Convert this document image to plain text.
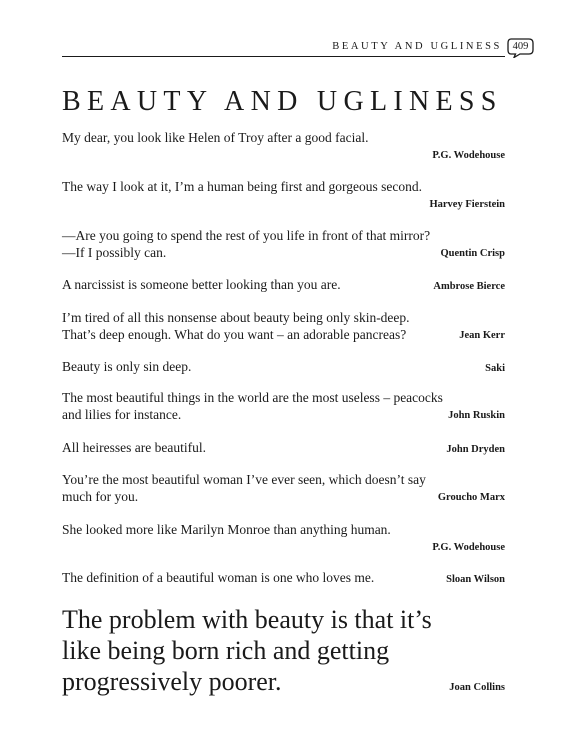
BEAUTY AND UGLINESS	409
BEAUTY AND UGLINESS
My dear, you look like Helen of Troy after a good facial.
P.G. Wodehouse
The way I look at it, I’m a human being first and gorgeous second.
Harvey Fierstein
—Are you going to spend the rest of you life in front of that mirror?
—If I possibly can.	Quentin Crisp
A narcissist is someone better looking than you are.	Ambrose Bierce
I’m tired of all this nonsense about beauty being only skin-deep.
That’s deep enough. What do you want – an adorable pancreas?	Jean Kerr
Beauty is only sin deep.	Saki
The most beautiful things in the world are the most useless – peacocks
and lilies for instance.	John Ruskin
All heiresses are beautiful.	John Dryden
You’re the most beautiful woman I’ve ever seen, which doesn’t say
much for you.	Groucho Marx
She looked more like Marilyn Monroe than anything human.
P.G. Wodehouse
The definition of a beautiful woman is one who loves me.	Sloan Wilson
The problem with beauty is that it’s
like being born rich and getting
progressively poorer.	Joan Collins
